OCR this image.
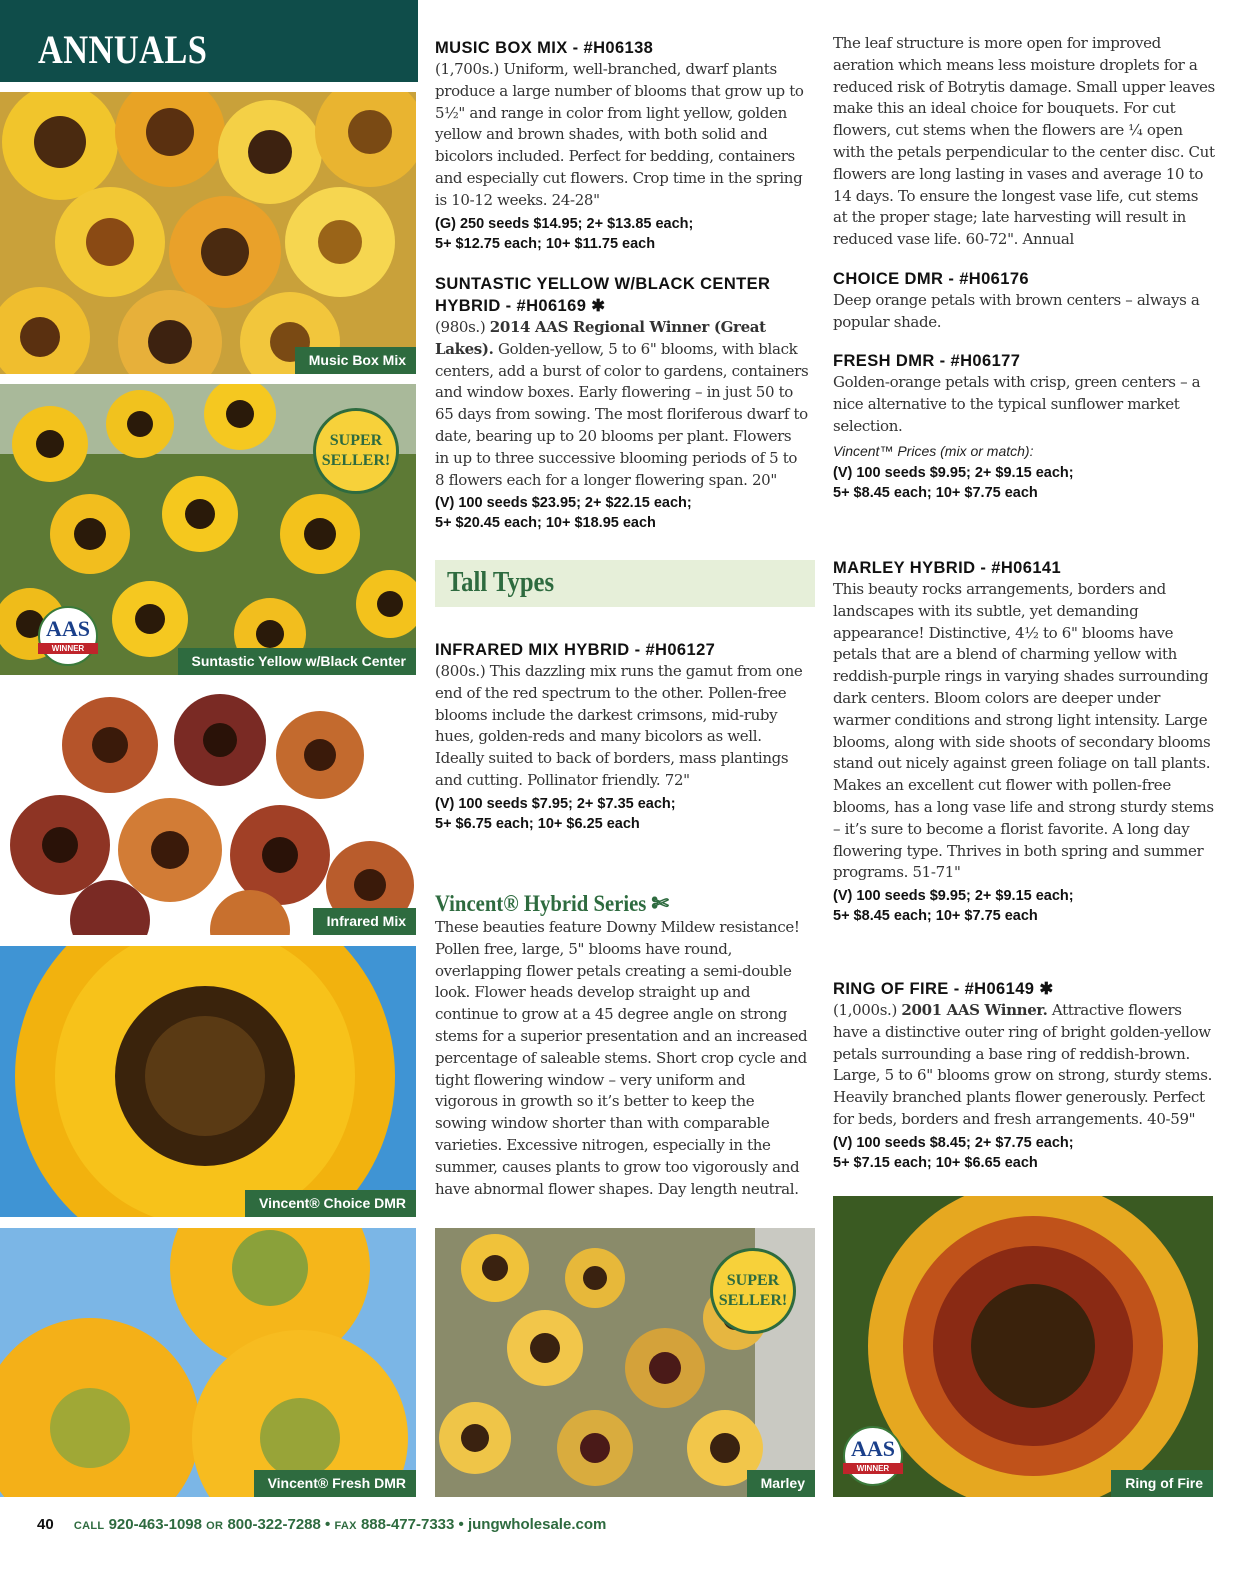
ANNUALS
Music Box Mix
SUPER
SELLER!
AAS
WINNER
Suntastic Yellow w/Black Center
Infrared Mix
Vincent® Choice DMR
Vincent® Fresh DMR

MUSIC BOX MIX - #H06138

(1,700s.) Uniform, well-branched, dwarf plants produce a large number of blooms that grow up to 5½" and range in color from light yellow, golden yellow and brown shades, with both solid and bicolors included. Perfect for bedding, containers and especially cut flowers. Crop time in the spring is 10-12 weeks. 24-28"

(G) 250 seeds $14.95; 2+ $13.85 each;

5+ $12.75 each; 10+ $11.75 each

SUNTASTIC YELLOW W/BLACK CENTER
HYBRID - #H06169 ✱

(980s.) 2014 AAS Regional Winner (Great Lakes). Golden-yellow, 5 to 6" blooms, with black centers, add a burst of color to gardens, containers and window boxes. Early flowering – in just 50 to 65 days from sowing. The most floriferous dwarf to date, bearing up to 20 blooms per plant. Flowers in up to three successive blooming periods of 5 to 8 flowers each for a longer flowering span. 20"

(V) 100 seeds $23.95; 2+ $22.15 each;

5+ $20.45 each; 10+ $18.95 each

Tall Types

INFRARED MIX HYBRID - #H06127

(800s.) This dazzling mix runs the gamut from one end of the red spectrum to the other. Pollen-free blooms include the darkest crimsons, mid-ruby hues, golden-reds and many bicolors as well. Ideally suited to back of borders, mass plantings and cutting. Pollinator friendly. 72"

(V) 100 seeds $7.95; 2+ $7.35 each;

5+ $6.75 each; 10+ $6.25 each

Vincent® Hybrid Series ✄

These beauties feature Downy Mildew resistance! Pollen free, large, 5" blooms have round, overlapping flower petals creating a semi-double look. Flower heads develop straight up and continue to grow at a 45 degree angle on strong stems for a superior presentation and an increased percentage of saleable stems. Short crop cycle and tight flowering window – very uniform and vigorous in growth so it’s better to keep the sowing window shorter than with comparable varieties. Excessive nitrogen, especially in the summer, causes plants to grow too vigorously and have abnormal flower shapes. Day length neutral.

SUPER
SELLER!
Marley

The leaf structure is more open for improved aeration which means less moisture droplets for a reduced risk of Botrytis damage. Small upper leaves make this an ideal choice for bouquets. For cut flowers, cut stems when the flowers are ¼ open with the petals perpendicular to the center disc. Cut flowers are long lasting in vases and average 10 to 14 days. To ensure the longest vase life, cut stems at the proper stage; late harvesting will result in reduced vase life. 60-72". Annual

CHOICE DMR - #H06176

Deep orange petals with brown centers – always a popular shade.

FRESH DMR - #H06177

Golden-orange petals with crisp, green centers – a nice alternative to the typical sunflower market selection.

Vincent™ Prices (mix or match):

(V) 100 seeds $9.95; 2+ $9.15 each;

5+ $8.45 each; 10+ $7.75 each

MARLEY HYBRID - #H06141

This beauty rocks arrangements, borders and landscapes with its subtle, yet demanding appearance! Distinctive, 4½ to 6" blooms have petals that are a blend of charming yellow with reddish-purple rings in varying shades surrounding dark centers. Bloom colors are deeper under warmer conditions and strong light intensity. Large blooms, along with side shoots of secondary blooms stand out nicely against green foliage on tall plants. Makes an excellent cut flower with pollen-free blooms, has a long vase life and strong sturdy stems – it’s sure to become a florist favorite. A long day flowering type. Thrives in both spring and summer programs. 51-71"

(V) 100 seeds $9.95; 2+ $9.15 each;

5+ $8.45 each; 10+ $7.75 each

RING OF FIRE - #H06149 ✱

(1,000s.) 2001 AAS Winner. Attractive flowers have a distinctive outer ring of bright golden-yellow petals surrounding a base ring of reddish-brown. Large, 5 to 6" blooms grow on strong, sturdy stems. Heavily branched plants flower generously. Perfect for beds, borders and fresh arrangements. 40-59"

(V) 100 seeds $8.45; 2+ $7.75 each;

5+ $7.15 each; 10+ $6.65 each

AAS
WINNER
Ring of Fire
40 CALL 920-463-1098 OR 800-322-7288 • FAX 888-477-7333 • jungwholesale.com
